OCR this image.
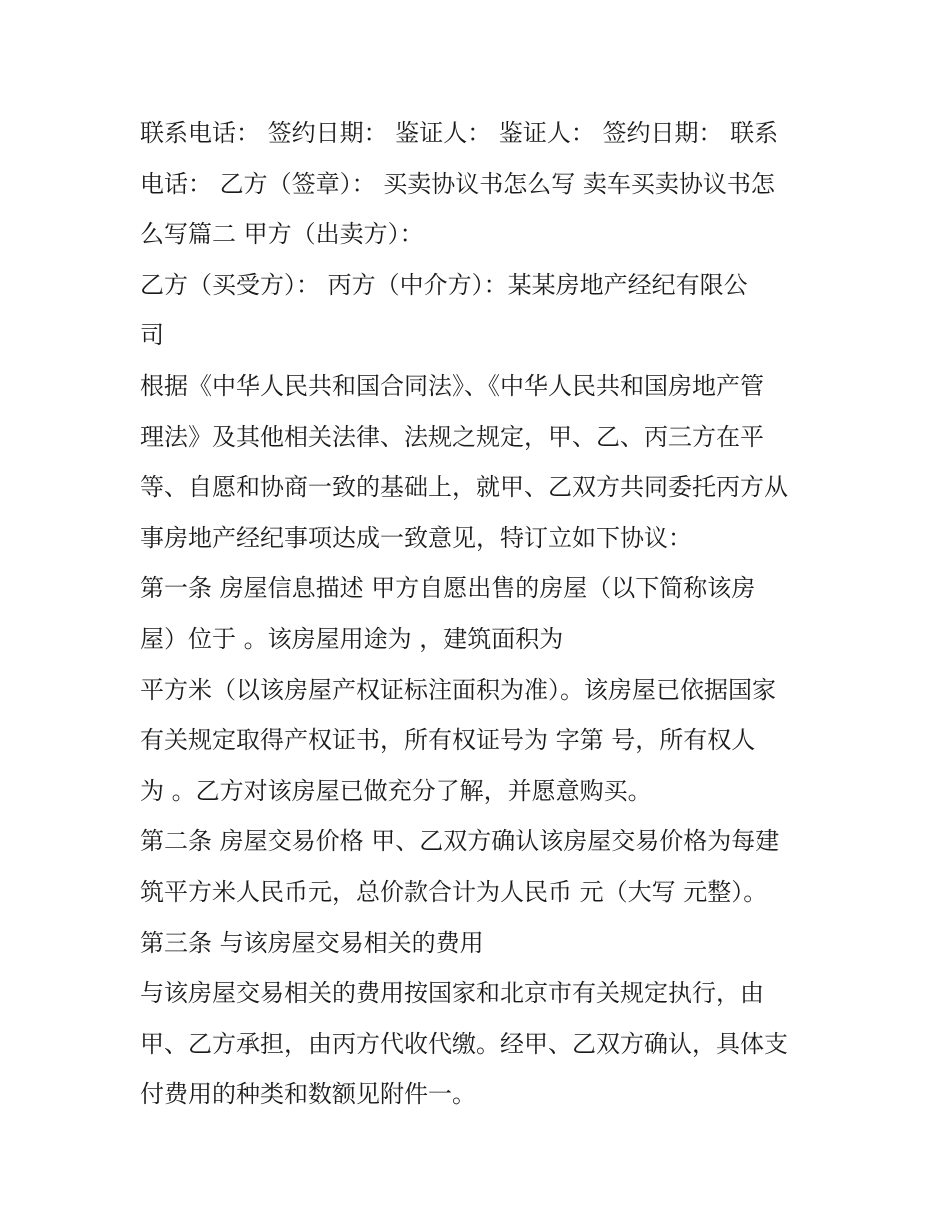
联系电话： 签约日期： 鉴证人： 鉴证人： 签约日期： 联系
电话： 乙方（签章）： 买卖协议书怎么写 卖车买卖协议书怎
么写篇二 甲方（出卖方）：
乙方（买受方）： 丙方（中介方）：某某房地产经纪有限公
司
根据《中华人民共和国合同法》、《中华人民共和国房地产管
理法》及其他相关法律、法规之规定，甲、乙、丙三方在平
等、自愿和协商一致的基础上，就甲、乙双方共同委托丙方从
事房地产经纪事项达成一致意见，特订立如下协议：
第一条 房屋信息描述 甲方自愿出售的房屋（以下简称该房
屋）位于 。该房屋用途为 ，建筑面积为
平方米（以该房屋产权证标注面积为准）。该房屋已依据国家
有关规定取得产权证书，所有权证号为 字第 号，所有权人
为 。乙方对该房屋已做充分了解，并愿意购买。
第二条 房屋交易价格 甲、乙双方确认该房屋交易价格为每建
筑平方米人民币元，总价款合计为人民币 元（大写 元整）。
第三条 与该房屋交易相关的费用
与该房屋交易相关的费用按国家和北京市有关规定执行，由
甲、乙方承担，由丙方代收代缴。经甲、乙双方确认，具体支
付费用的种类和数额见附件一。
